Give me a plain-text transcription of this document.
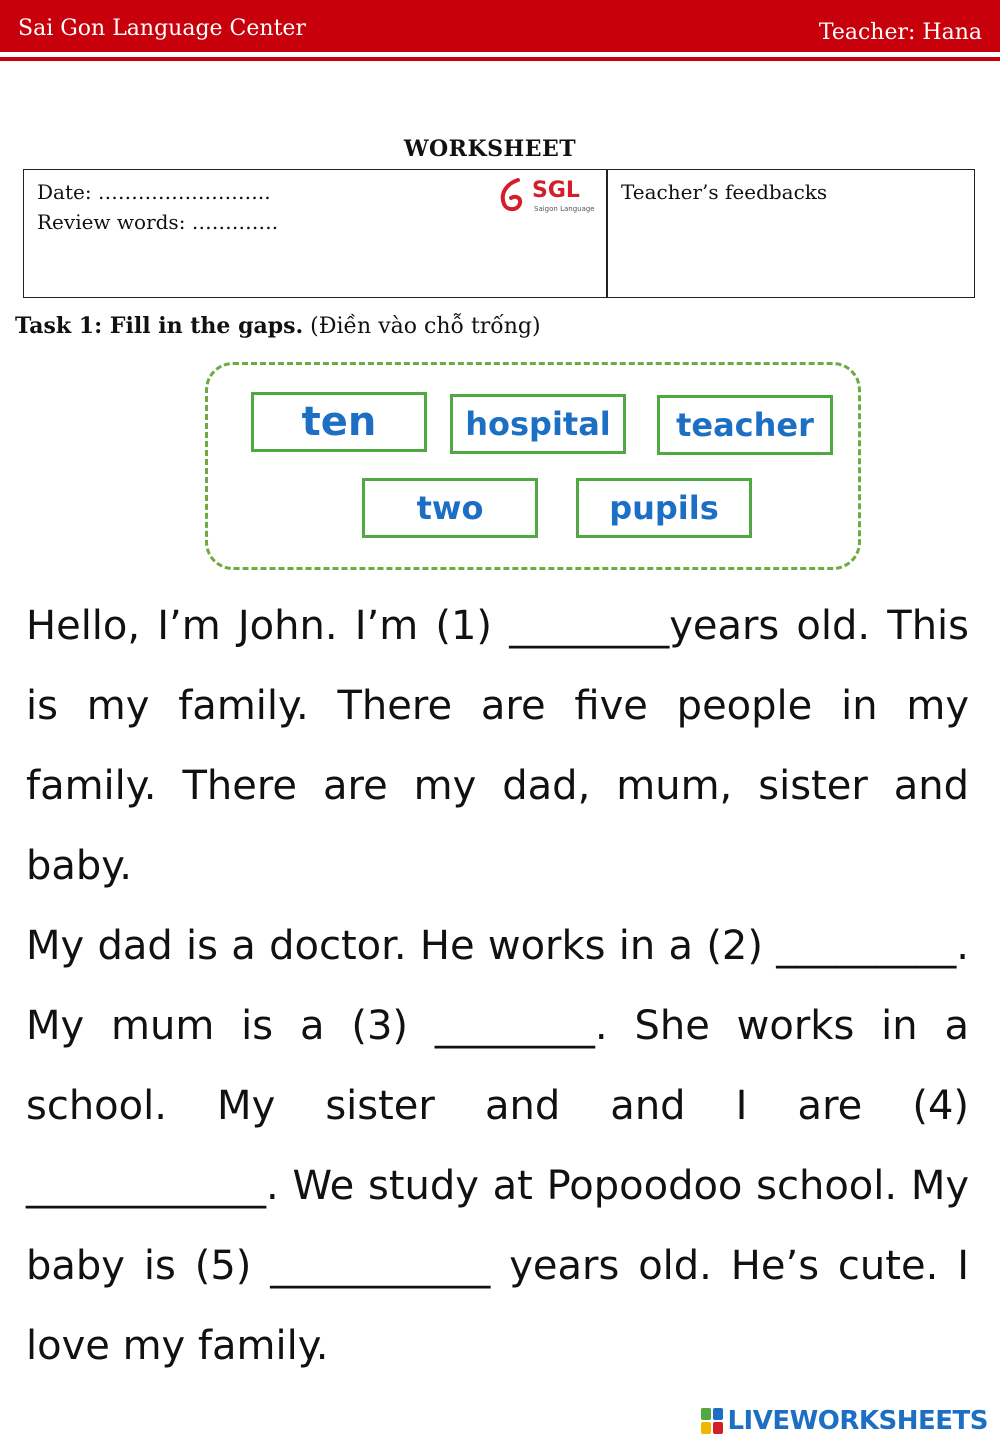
Sai Gon Language Center	Teacher: Hana
WORKSHEET
Date: ……………………..
Review words: ………….
SGL
Saigon Language
Teacher’s feedbacks
Task 1: Fill in the gaps. (Điền vào chỗ trống)
ten	hospital	teacher
two	pupils

Hello, I’m John. I’m (1) ________years old. This is my family. There are five people in my family. There are my dad, mum, sister and baby.

My dad is a doctor. He works in a (2) _________. My mum is a (3) ________. She works in a school. My sister and and I are (4) ____________. We study at Popoodoo school. My baby is (5) ___________ years old. He’s cute. I love my family.

LIVEWORKSHEETS
